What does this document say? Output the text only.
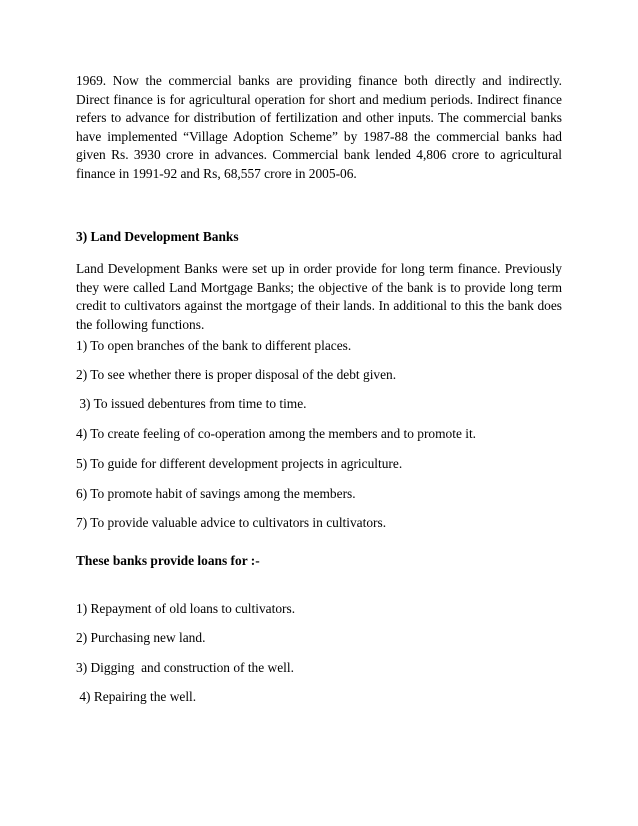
1969. Now the commercial banks are providing finance both directly and indirectly. Direct finance is for agricultural operation for short and medium periods. Indirect finance refers to advance for distribution of fertilization and other inputs. The commercial banks have implemented “Village Adoption Scheme” by 1987-88 the commercial banks had given Rs. 3930 crore in advances. Commercial bank lended 4,806 crore to agricultural finance in 1991-92 and Rs, 68,557 crore in 2005-06.

3) Land Development Banks

Land Development Banks were set up in order provide for long term finance. Previously they were called Land Mortgage Banks; the objective of the bank is to provide long term credit to cultivators against the mortgage of their lands. In additional to this the bank does the following functions.

1) To open branches of the bank to different places.

2) To see whether there is proper disposal of the debt given.

3) To issued debentures from time to time.

4) To create feeling of co-operation among the members and to promote it.

5) To guide for different development projects in agriculture.

6) To promote habit of savings among the members.

7) To provide valuable advice to cultivators in cultivators.

These banks provide loans for :-

1) Repayment of old loans to cultivators.

2) Purchasing new land.

3) Digging  and construction of the well.

4) Repairing the well.
